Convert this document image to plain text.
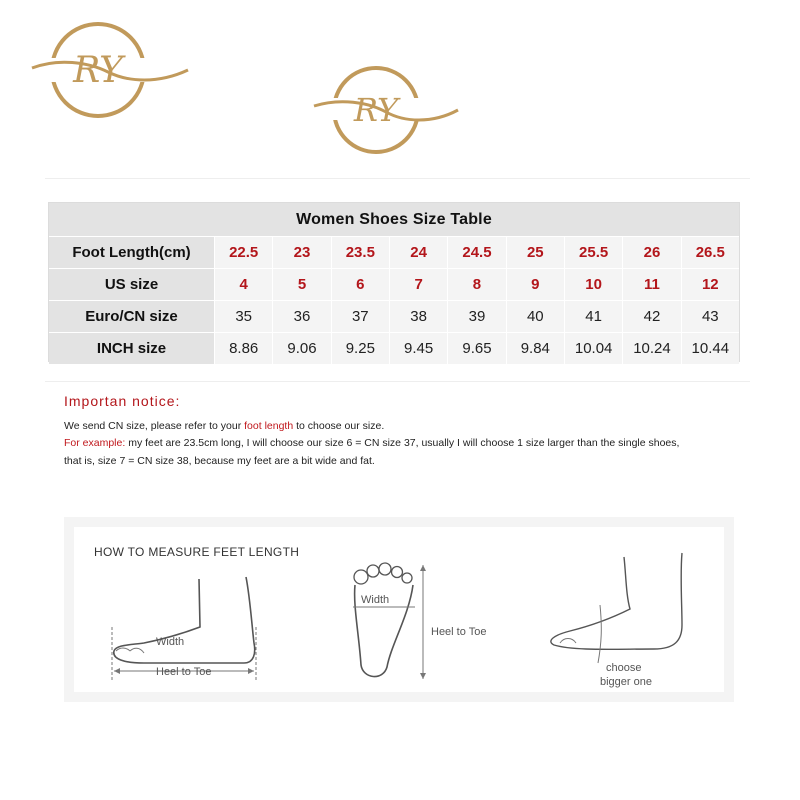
RY
RY
Women Shoes Size Table
Foot Length(cm)	22.5	23	23.5	24	24.5	25	25.5	26	26.5
US size	4	5	6	7	8	9	10	11	12
Euro/CN size	35	36	37	38	39	40	41	42	43
INCH size	8.86	9.06	9.25	9.45	9.65	9.84	10.04	10.24	10.44
Importan notice:
We send CN size, please refer to your foot length to choose our size.
For example: my feet are 23.5cm long, I will choose our size 6 = CN size 37, usually I will choose 1 size larger than the single shoes,
that is, size 7 = CN size 38, because my feet are a bit wide and fat.
HOW TO MEASURE FEET LENGTH
Width
Heel to Toe
Width
Heel to Toe
choose
bigger one
